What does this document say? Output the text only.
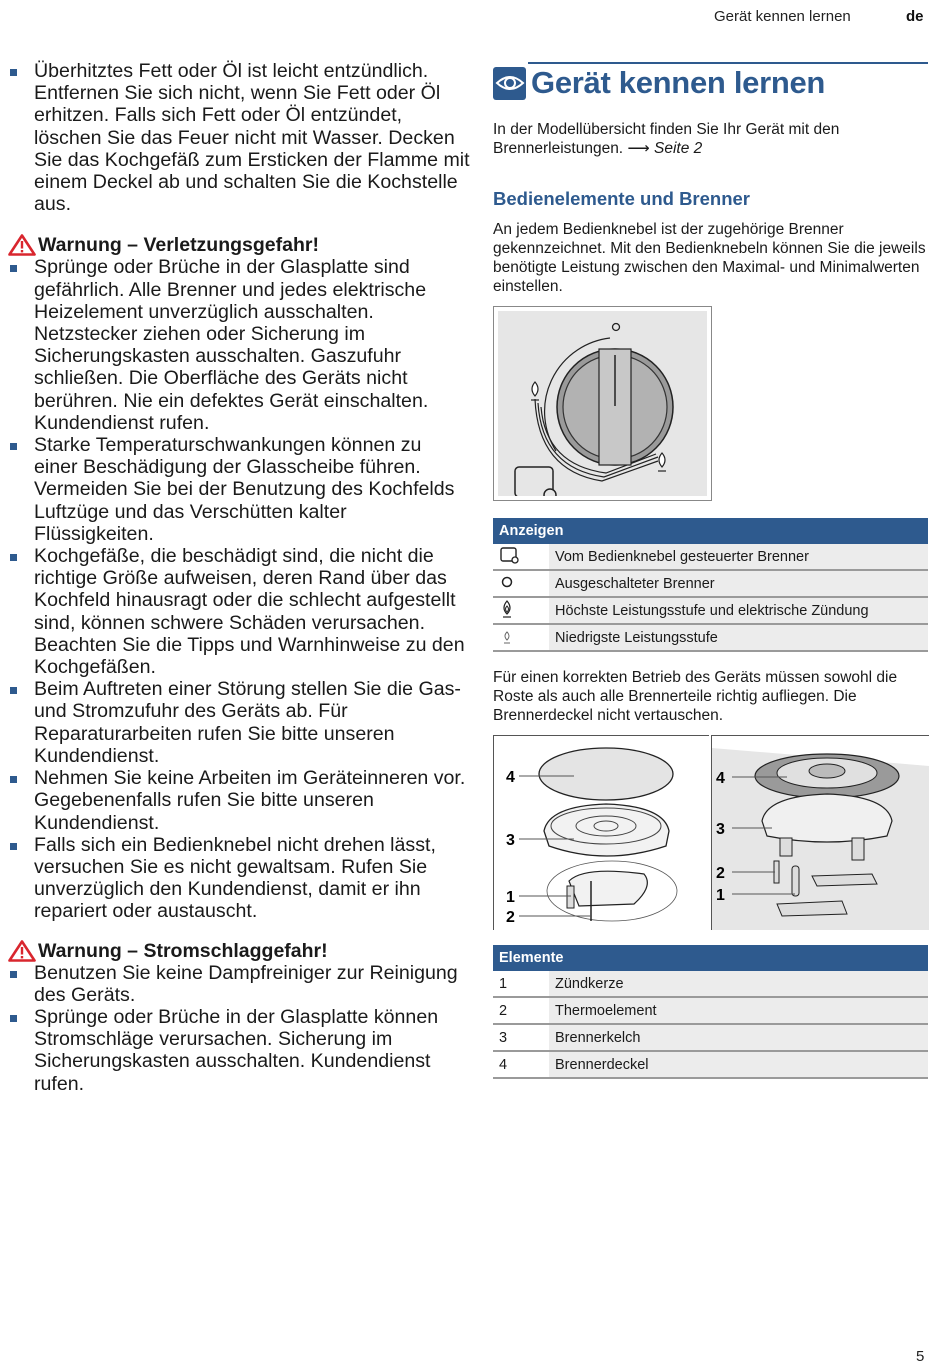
Gerät kennen lernen	de
Überhitztes Fett oder Öl ist leicht entzündlich. Entfernen Sie sich nicht, wenn Sie Fett oder Öl erhitzen. Falls sich Fett oder Öl entzündet, löschen Sie das Feuer nicht mit Wasser. Decken Sie das Kochgefäß zum Ersticken der Flamme mit einem Deckel ab und schalten Sie die Kochstelle aus.
Warnung – Verletzungsgefahr!
Sprünge oder Brüche in der Glasplatte sind gefährlich. Alle Brenner und jedes elektrische Heizelement unverzüglich ausschalten. Netzstecker ziehen oder Sicherung im Sicherungskasten ausschalten. Gaszufuhr schließen. Die Oberfläche des Geräts nicht berühren. Nie ein defektes Gerät einschalten. Kundendienst rufen.
Starke Temperaturschwankungen können zu einer Beschädigung der Glasscheibe führen. Vermeiden Sie bei der Benutzung des Kochfelds Luftzüge und das Verschütten kalter Flüssigkeiten.
Kochgefäße, die beschädigt sind, die nicht die richtige Größe aufweisen, deren Rand über das Kochfeld hinausragt oder die schlecht aufgestellt sind, können schwere Schäden verursachen. Beachten Sie die Tipps und Warnhinweise zu den Kochgefäßen.
Beim Auftreten einer Störung stellen Sie die Gas- und Stromzufuhr des Geräts ab. Für Reparaturarbeiten rufen Sie bitte unseren Kundendienst.
Nehmen Sie keine Arbeiten im Geräteinneren vor. Gegebenenfalls rufen Sie bitte unseren Kundendienst.
Falls sich ein Bedienknebel nicht drehen lässt, versuchen Sie es nicht gewaltsam. Rufen Sie unverzüglich den Kundendienst, damit er ihn repariert oder austauscht.
Warnung – Stromschlaggefahr!
Benutzen Sie keine Dampfreiniger zur Reinigung des Geräts.
Sprünge oder Brüche in der Glasplatte können Stromschläge verursachen. Sicherung im Sicherungskasten ausschalten. Kundendienst rufen.
Gerät kennen lernen
In der Modellübersicht finden Sie Ihr Gerät mit den Brennerleistungen. ⟶ Seite 2
Bedienelemente und Brenner
An jedem Bedienknebel ist der zugehörige Brenner gekennzeichnet. Mit den Bedienknebeln können Sie die jeweils benötigte Leistung zwischen den Maximal- und Minimalwerten einstellen.
Anzeigen	
	Vom Bedienknebel gesteuerter Brenner
	Ausgeschalteter Brenner
	Höchste Leistungsstufe und elektrische Zündung
	Niedrigste Leistungsstufe
Für einen korrekten Betrieb des Geräts müssen sowohl die Roste als auch alle Brennerteile richtig aufliegen. Die Brennerdeckel nicht vertauschen.
4
3
1
2
4
3
2
1
Elemente	
1	Zündkerze
2	Thermoelement
3	Brennerkelch
4	Brennerdeckel
5
